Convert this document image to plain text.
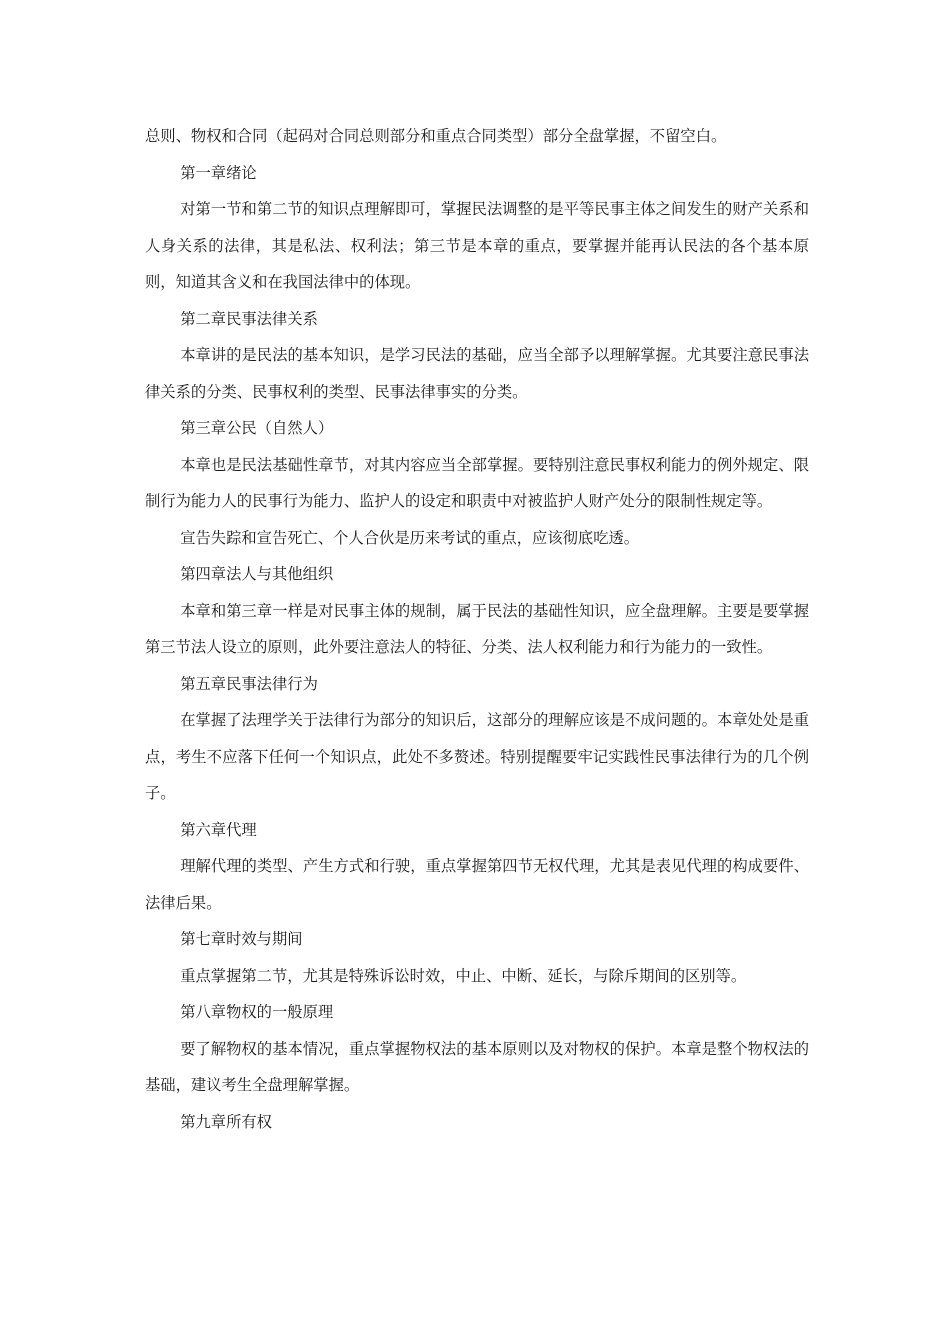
总则、物权和合同（起码对合同总则部分和重点合同类型）部分全盘掌握，不留空白。

第一章绪论

对第一节和第二节的知识点理解即可，掌握民法调整的是平等民事主体之间发生的财产关系和人身关系的法律，其是私法、权利法；第三节是本章的重点，要掌握并能再认民法的各个基本原则，知道其含义和在我国法律中的体现。

第二章民事法律关系

本章讲的是民法的基本知识，是学习民法的基础，应当全部予以理解掌握。尤其要注意民事法律关系的分类、民事权利的类型、民事法律事实的分类。

第三章公民（自然人）

本章也是民法基础性章节，对其内容应当全部掌握。要特别注意民事权利能力的例外规定、限制行为能力人的民事行为能力、监护人的设定和职责中对被监护人财产处分的限制性规定等。

宣告失踪和宣告死亡、个人合伙是历来考试的重点，应该彻底吃透。

第四章法人与其他组织

本章和第三章一样是对民事主体的规制，属于民法的基础性知识，应全盘理解。主要是要掌握第三节法人设立的原则，此外要注意法人的特征、分类、法人权利能力和行为能力的一致性。

第五章民事法律行为

在掌握了法理学关于法律行为部分的知识后，这部分的理解应该是不成问题的。本章处处是重点，考生不应落下任何一个知识点，此处不多赘述。特别提醒要牢记实践性民事法律行为的几个例子。

第六章代理

理解代理的类型、产生方式和行驶，重点掌握第四节无权代理，尤其是表见代理的构成要件、法律后果。

第七章时效与期间

重点掌握第二节，尤其是特殊诉讼时效，中止、中断、延长，与除斥期间的区别等。

第八章物权的一般原理

要了解物权的基本情况，重点掌握物权法的基本原则以及对物权的保护。本章是整个物权法的基础，建议考生全盘理解掌握。

第九章所有权
